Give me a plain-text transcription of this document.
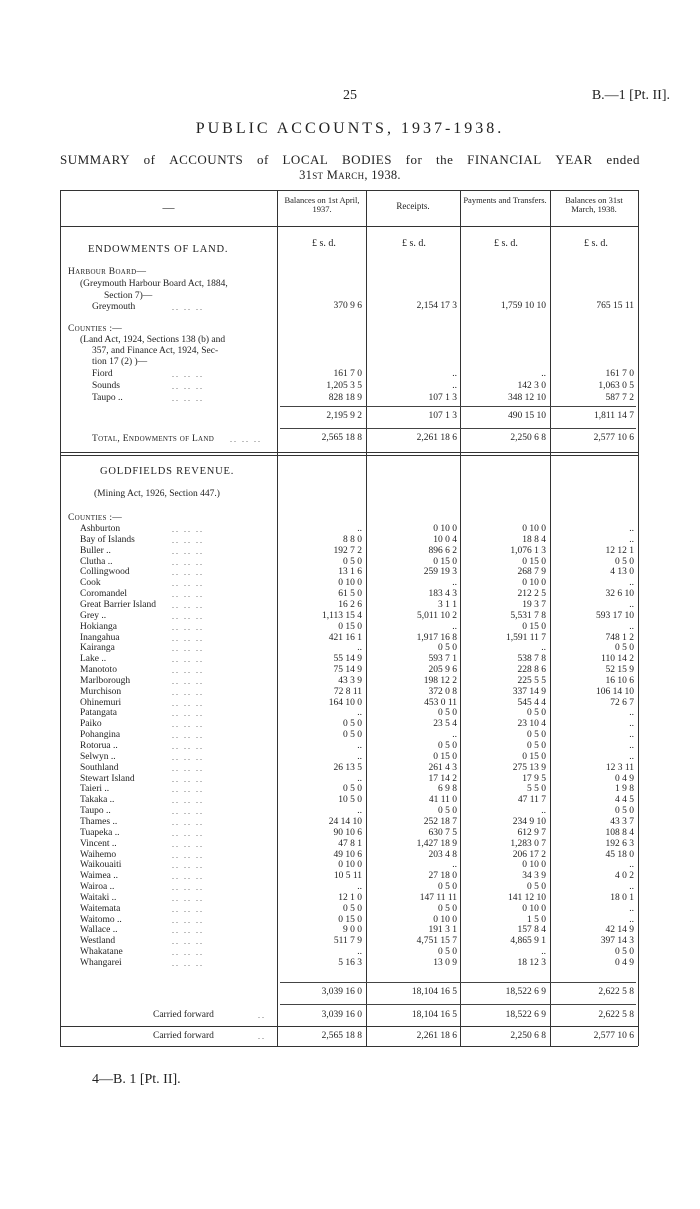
25	B.—1 [Pt. II].
PUBLIC ACCOUNTS, 1937-1938.
SUMMARY of ACCOUNTS of LOCAL BODIES for the FINANCIAL YEAR ended
31st March, 1938.
—	Balances on 1st April, 1937.	Receipts.
Payments and Transfers.	Balances on 31st March, 1938.
£ s. d.	£ s. d.	£ s. d.	£ s. d.
ENDOWMENTS OF LAND.
Harbour Board—
(Greymouth Harbour Board Act, 1884,
Section 7)—
Counties :—
(Land Act, 1924, Sections 138 (b) and
357, and Finance Act, 1924, Sec-
tion 17 (2) )—
Greymouth	.. .. ..	370 9 6	2,154 17 3	1,759 10 10	765 15 11
Fiord	.. .. ..	161 7 0	..	..	161 7 0
Sounds	.. .. ..	1,205 3 5	..	142 3 0	1,063 0 5
Taupo ..	.. .. ..	828 18 9	107 1 3	348 12 10	587 7 2
2,195 9 2	107 1 3	490 15 10	1,811 14 7
.. .. ..	2,565 18 8	2,261 18 6	2,250 6 8	2,577 10 6
Total, Endowments of Land
GOLDFIELDS REVENUE.
(Mining Act, 1926, Section 447.)
Counties :—
Ashburton	.. .. ..	..	0 10 0	0 10 0	..
Bay of Islands	.. .. ..	8 8 0	10 0 4	18 8 4	..
Buller ..	.. .. ..	192 7 2	896 6 2	1,076 1 3	12 12 1
Clutha ..	.. .. ..	0 5 0	0 15 0	0 15 0	0 5 0
Collingwood	.. .. ..	13 1 6	259 19 3	268 7 9	4 13 0
Cook	.. .. ..	0 10 0	..	0 10 0	..
Coromandel	.. .. ..	61 5 0	183 4 3	212 2 5	32 6 10
Great Barrier Island .. .. ..	16 2 6	3 1 1	19 3 7	..
Grey ..	.. .. ..	1,113 15 4	5,011 10 2	5,531 7 8	593 17 10
Hokianga	.. .. ..	0 15 0	..	0 15 0	..
Inangahua	.. .. ..	421 16 1	1,917 16 8	1,591 11 7	748 1 2
Kairanga	.. .. ..	..	0 5 0	..	0 5 0
Lake ..	.. .. ..	55 14 9	593 7 1	538 7 8	110 14 2
Manototo	.. .. ..	75 14 9	205 9 6	228 8 6	52 15 9
Marlborough	.. .. ..	43 3 9	198 12 2	225 5 5	16 10 6
Murchison	.. .. ..	72 8 11	372 0 8	337 14 9	106 14 10
Ohinemuri	.. .. ..	164 10 0	453 0 11	545 4 4	72 6 7
Patangata	.. .. ..	..	0 5 0	0 5 0	..
Paiko	.. .. ..	0 5 0	23 5 4	23 10 4	..
Pohangina	.. .. ..	0 5 0	..	0 5 0	..
Rotorua ..	.. .. ..	..	0 5 0	0 5 0	..
Selwyn ..	.. .. ..	..	0 15 0	0 15 0	..
Southland	.. .. ..	26 13 5	261 4 3	275 13 9	12 3 11
Stewart Island	.. .. ..	..	17 14 2	17 9 5	0 4 9
Taieri ..	.. .. ..	0 5 0	6 9 8	5 5 0	1 9 8
Takaka ..	.. .. ..	10 5 0	41 11 0	47 11 7	4 4 5
Taupo ..	.. .. ..	..	0 5 0	..	0 5 0
Thames ..	.. .. ..	24 14 10	252 18 7	234 9 10	43 3 7
Tuapeka ..	.. .. ..	90 10 6	630 7 5	612 9 7	108 8 4
Vincent ..	.. .. ..	47 8 1	1,427 18 9	1,283 0 7	192 6 3
Waihemo	.. .. ..	49 10 6	203 4 8	206 17 2	45 18 0
Waikouaiti	.. .. ..	0 10 0	..	0 10 0	..
Waimea ..	.. .. ..	10 5 11	27 18 0	34 3 9	4 0 2
Wairoa ..	.. .. ..	..	0 5 0	0 5 0	..
Waitaki ..	.. .. ..	12 1 0	147 11 11	141 12 10	18 0 1
Waitemata	.. .. ..	0 5 0	0 5 0	0 10 0	..
Waitomo ..	.. .. ..	0 15 0	0 10 0	1 5 0	..
Wallace ..	.. .. ..	9 0 0	191 3 1	157 8 4	42 14 9
Westland	.. .. ..	511 7 9	4,751 15 7	4,865 9 1	397 14 3
Whakatane	.. .. ..	..	0 5 0	..	0 5 0
Whangarei	.. .. ..	5 16 3	13 0 9	18 12 3	0 4 9
3,039 16 0	18,104 16 5	18,522 6 9	2,622 5 8
Carried forward	..	3,039 16 0	18,104 16 5	18,522 6 9	2,622 5 8
Carried forward	..	2,565 18 8	2,261 18 6	2,250 6 8	2,577 10 6
4—B. 1 [Pt. II].
